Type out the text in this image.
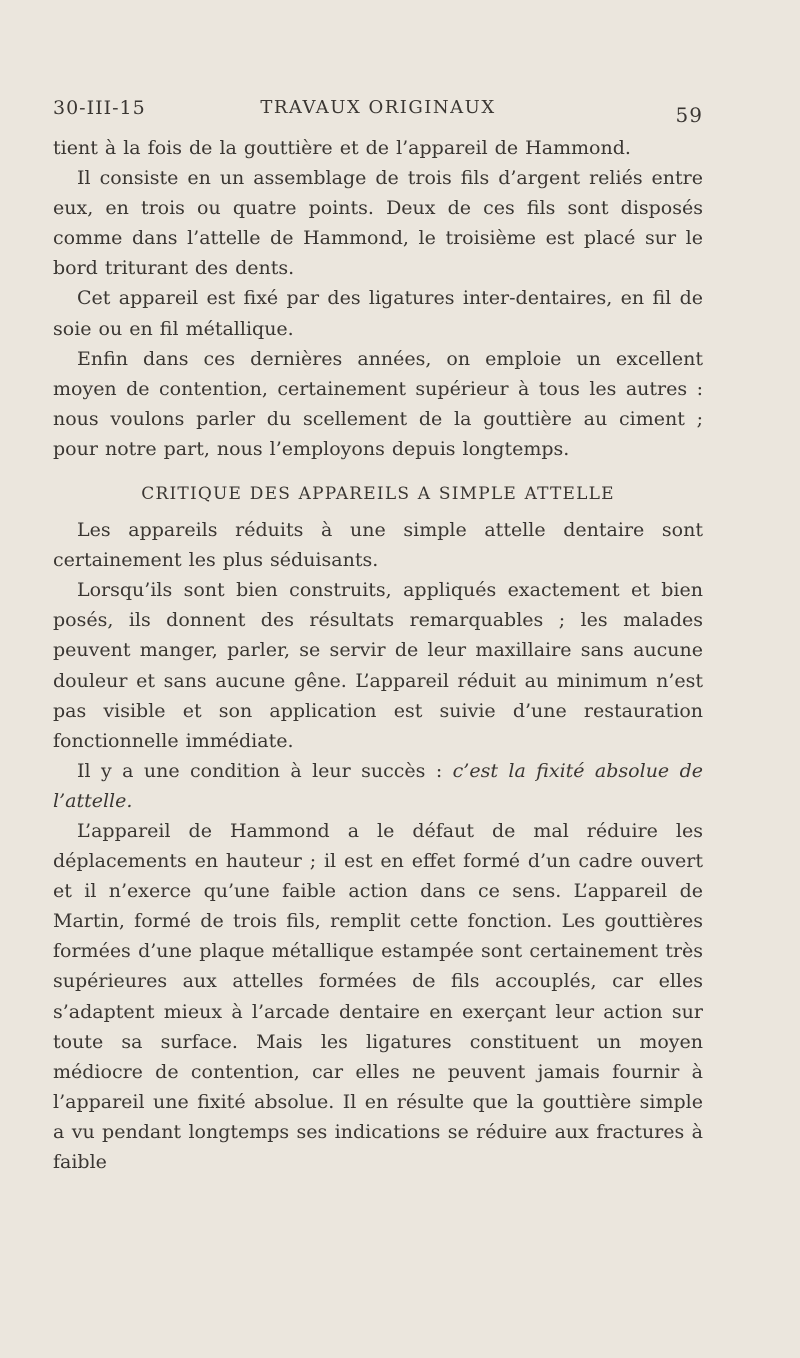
30-III-15	TRAVAUX ORIGINAUX	59

tient à la fois de la gouttière et de l’appareil de Hammond.

Il consiste en un assemblage de trois fils d’argent reliés entre eux, en trois ou quatre points. Deux de ces fils sont disposés comme dans l’attelle de Hammond, le troisième est placé sur le bord triturant des dents.

Cet appareil est fixé par des ligatures inter-dentaires, en fil de soie ou en fil métallique.

Enfin dans ces dernières années, on emploie un excellent moyen de contention, certainement supérieur à tous les autres : nous voulons parler du scellement de la gouttière au ciment ; pour notre part, nous l’employons depuis longtemps.

CRITIQUE DES APPAREILS A SIMPLE ATTELLE

Les appareils réduits à une simple attelle dentaire sont certainement les plus séduisants.

Lorsqu’ils sont bien construits, appliqués exactement et bien posés, ils donnent des résultats remarquables ; les malades peuvent manger, parler, se servir de leur maxillaire sans aucune douleur et sans aucune gêne. L’appareil réduit au minimum n’est pas visible et son application est suivie d’une restauration fonctionnelle immédiate.

Il y a une condition à leur succès : c’est la fixité absolue de l’attelle.

L’appareil de Hammond a le défaut de mal réduire les déplacements en hauteur ; il est en effet formé d’un cadre ouvert et il n’exerce qu’une faible action dans ce sens. L’appareil de Martin, formé de trois fils, remplit cette fonction. Les gouttières formées d’une plaque métallique estampée sont certainement très supérieures aux attelles formées de fils accouplés, car elles s’adaptent mieux à l’arcade dentaire en exerçant leur action sur toute sa surface. Mais les ligatures constituent un moyen médiocre de contention, car elles ne peuvent jamais fournir à l’appareil une fixité absolue. Il en résulte que la gouttière simple a vu pendant longtemps ses indications se réduire aux fractures à faible
